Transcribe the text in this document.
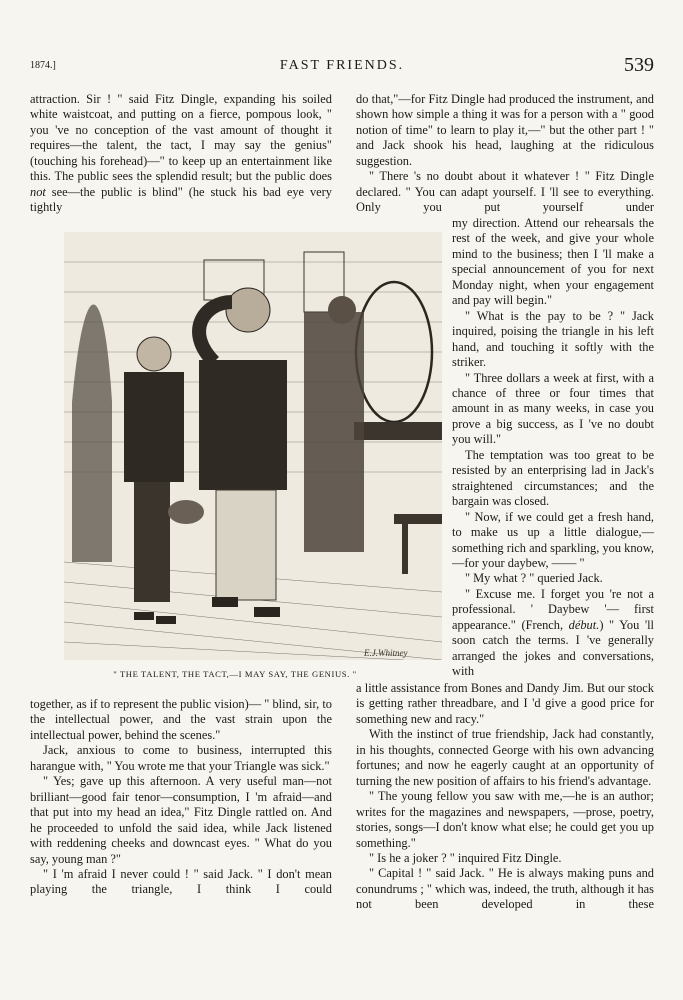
1874.]	FAST FRIENDS.	539

attraction. Sir ! " said Fitz Dingle, expanding his soiled white waistcoat, and putting on a fierce, pompous look, " you 've no conception of the vast amount of thought it requires—the talent, the tact, I may say the genius" (touching his forehead)—" to keep up an entertainment like this. The public sees the splendid result; but the public does not see—the public is blind" (he stuck his bad eye very tightly

E.J.Whitney
" THE TALENT, THE TACT,—I MAY SAY, THE GENIUS. "

together, as if to represent the public vision)— " blind, sir, to the intellectual power, and the vast strain upon the intellectual power, behind the scenes."

Jack, anxious to come to business, interrupted this harangue with, " You wrote me that your Triangle was sick."

" Yes; gave up this afternoon. A very useful man—not brilliant—good fair tenor—consumption, I 'm afraid—and that put into my head an idea," Fitz Dingle rattled on. And he proceeded to unfold the said idea, while Jack listened with reddening cheeks and downcast eyes. " What do you say, young man ?"

" I 'm afraid I never could ! " said Jack. " I don't mean playing the triangle, I think I could

do that,"—for Fitz Dingle had produced the instrument, and shown how simple a thing it was for a person with a " good notion of time" to learn to play it,—" but the other part ! " and Jack shook his head, laughing at the ridiculous suggestion.

" There 's no doubt about it whatever ! " Fitz Dingle declared. " You can adapt yourself. I 'll see to everything. Only you put yourself under

my direction. Attend our rehearsals the rest of the week, and give your whole mind to the business; then I 'll make a special announcement of you for next Monday night, when your engagement and pay will begin."

" What is the pay to be ? " Jack inquired, poising the triangle in his left hand, and touching it softly with the striker.

" Three dollars a week at first, with a chance of three or four times that amount in as many weeks, in case you prove a big success, as I 've no doubt you will."

The temptation was too great to be resisted by an enterprising lad in Jack's straightened circumstances; and the bargain was closed.

" Now, if we could get a fresh hand, to make us up a little dialogue,—something rich and sparkling, you know,—for your daybew, —— "

" My what ? " queried Jack.

" Excuse me. I forget you 're not a professional. ' Daybew '— first appearance." (French, début.) " You 'll soon catch the terms. I 've generally arranged the jokes and conversations, with

a little assistance from Bones and Dandy Jim. But our stock is getting rather threadbare, and I 'd give a good price for something new and racy."

With the instinct of true friendship, Jack had constantly, in his thoughts, connected George with his own advancing fortunes; and now he eagerly caught at an opportunity of turning the new position of affairs to his friend's advantage.

" The young fellow you saw with me,—he is an author; writes for the magazines and newspapers, —prose, poetry, stories, songs—I don't know what else; he could get you up something."

" Is he a joker ? " inquired Fitz Dingle.

" Capital ! " said Jack. " He is always making puns and conundrums ; " which was, indeed, the truth, although it has not been developed in these
